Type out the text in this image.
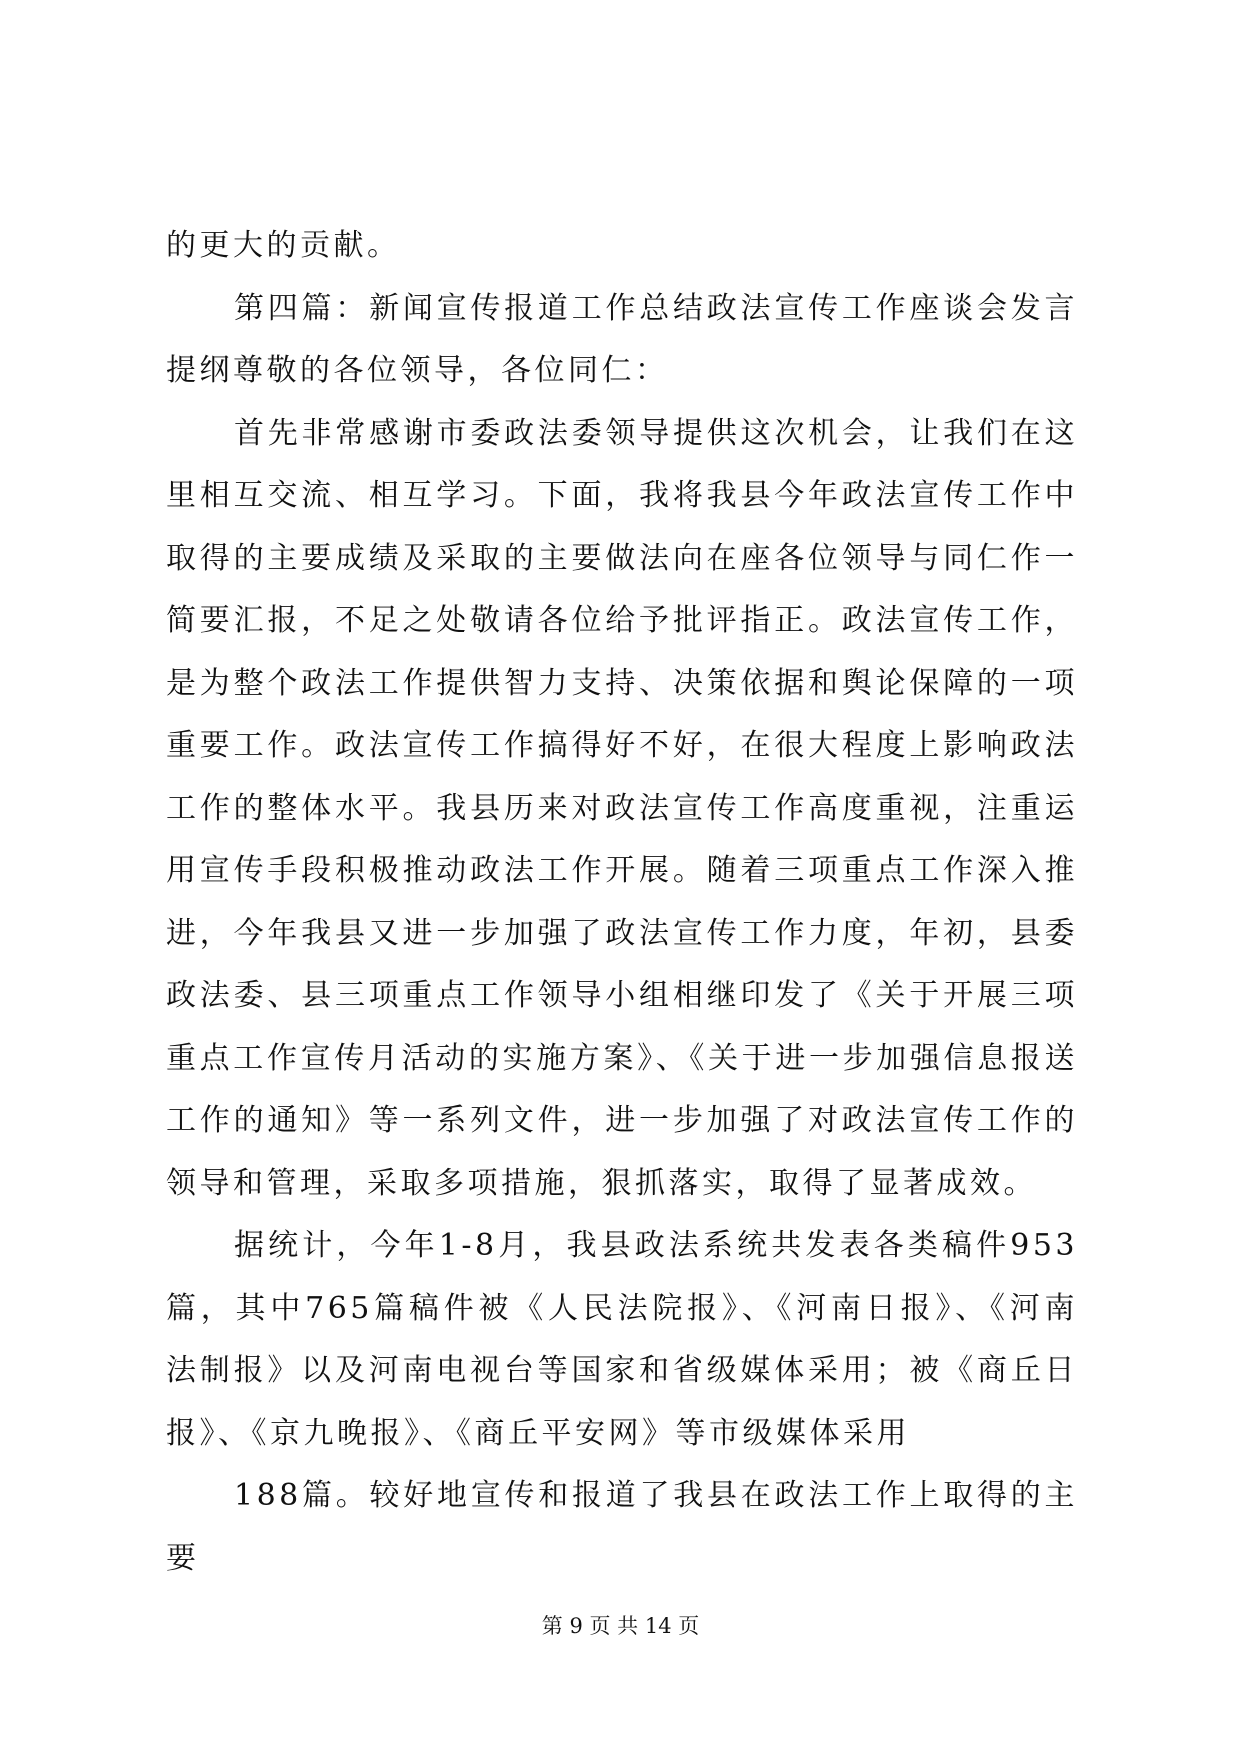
的更大的贡献。

第四篇：新闻宣传报道工作总结政法宣传工作座谈会发言提纲尊敬的各位领导，各位同仁：

首先非常感谢市委政法委领导提供这次机会，让我们在这里相互交流、相互学习。下面，我将我县今年政法宣传工作中取得的主要成绩及采取的主要做法向在座各位领导与同仁作一简要汇报，不足之处敬请各位给予批评指正。政法宣传工作，是为整个政法工作提供智力支持、决策依据和舆论保障的一项重要工作。政法宣传工作搞得好不好，在很大程度上影响政法工作的整体水平。我县历来对政法宣传工作高度重视，注重运用宣传手段积极推动政法工作开展。随着三项重点工作深入推进，今年我县又进一步加强了政法宣传工作力度，年初，县委政法委、县三项重点工作领导小组相继印发了《关于开展三项重点工作宣传月活动的实施方案》、《关于进一步加强信息报送工作的通知》等一系列文件，进一步加强了对政法宣传工作的领导和管理，采取多项措施，狠抓落实，取得了显著成效。

据统计，今年1-8月，我县政法系统共发表各类稿件953篇，其中765篇稿件被《人民法院报》、《河南日报》、《河南法制报》以及河南电视台等国家和省级媒体采用；被《商丘日报》、《京九晚报》、《商丘平安网》等市级媒体采用

188篇。较好地宣传和报道了我县在政法工作上取得的主要

第 9 页 共 14 页
